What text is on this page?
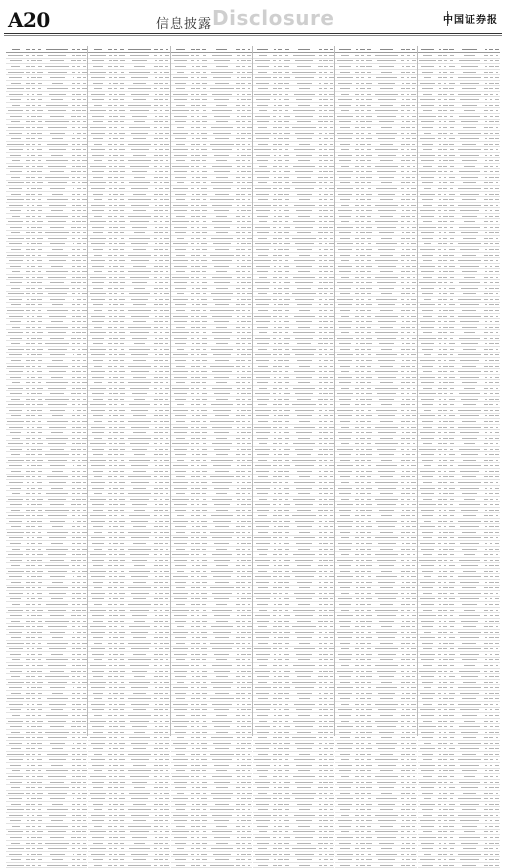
A20	信息披露 Disclosure	中国证券报
